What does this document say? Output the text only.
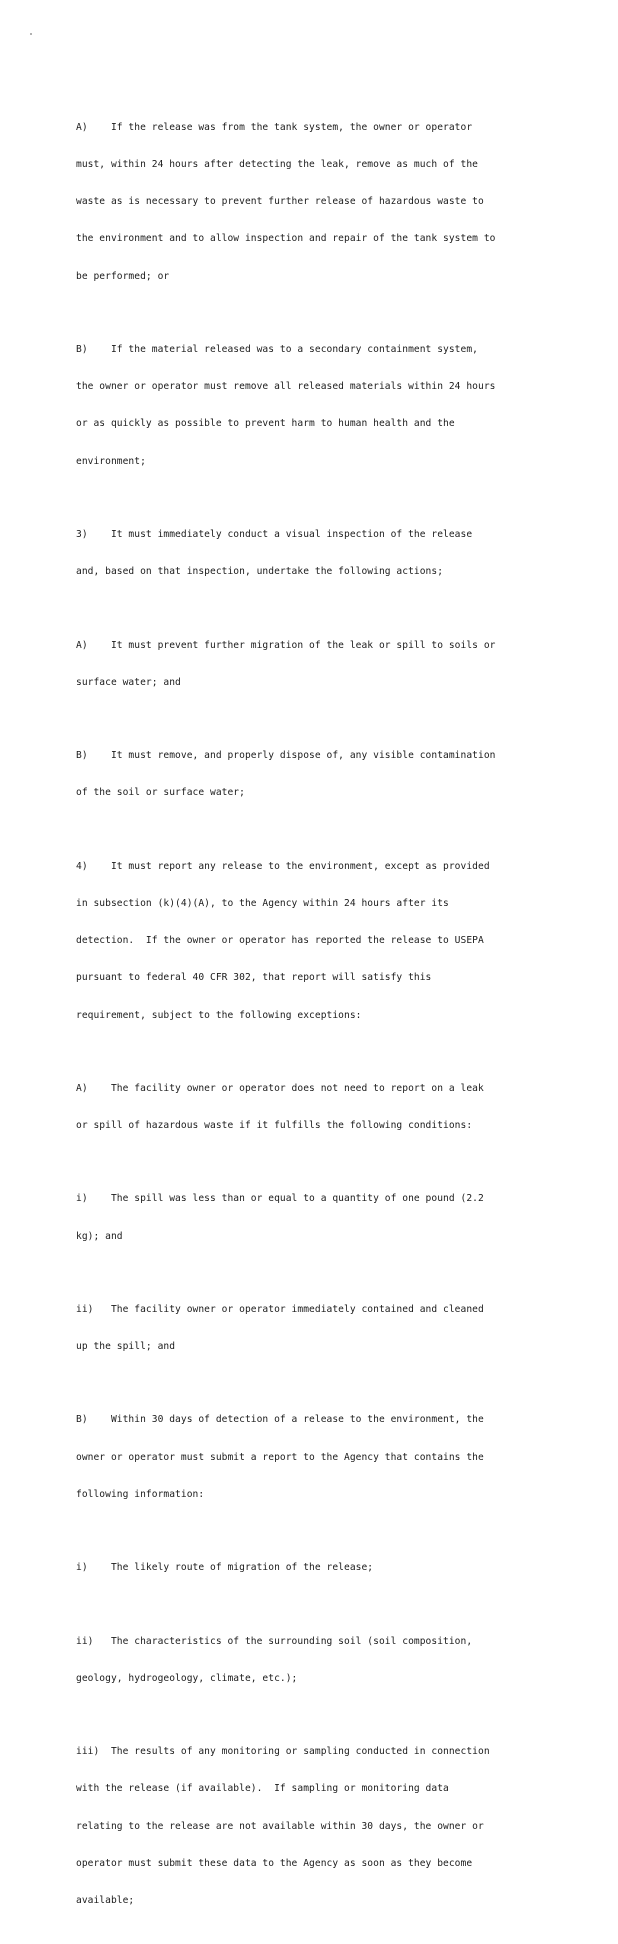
A)    If the release was from the tank system, the owner or operator

must, within 24 hours after detecting the leak, remove as much of the

waste as is necessary to prevent further release of hazardous waste to

the environment and to allow inspection and repair of the tank system to

be performed; or

B)    If the material released was to a secondary containment system,

the owner or operator must remove all released materials within 24 hours

or as quickly as possible to prevent harm to human health and the

environment;

3)    It must immediately conduct a visual inspection of the release

and, based on that inspection, undertake the following actions;

A)    It must prevent further migration of the leak or spill to soils or

surface water; and

B)    It must remove, and properly dispose of, any visible contamination

of the soil or surface water;

4)    It must report any release to the environment, except as provided

in subsection (k)(4)(A), to the Agency within 24 hours after its

detection.  If the owner or operator has reported the release to USEPA

pursuant to federal 40 CFR 302, that report will satisfy this

requirement, subject to the following exceptions:

A)    The facility owner or operator does not need to report on a leak

or spill of hazardous waste if it fulfills the following conditions:

i)    The spill was less than or equal to a quantity of one pound (2.2

kg); and

ii)   The facility owner or operator immediately contained and cleaned

up the spill; and

B)    Within 30 days of detection of a release to the environment, the

owner or operator must submit a report to the Agency that contains the

following information:

i)    The likely route of migration of the release;

ii)   The characteristics of the surrounding soil (soil composition,

geology, hydrogeology, climate, etc.);

iii)  The results of any monitoring or sampling conducted in connection

with the release (if available).  If sampling or monitoring data

relating to the release are not available within 30 days, the owner or

operator must submit these data to the Agency as soon as they become

available;
